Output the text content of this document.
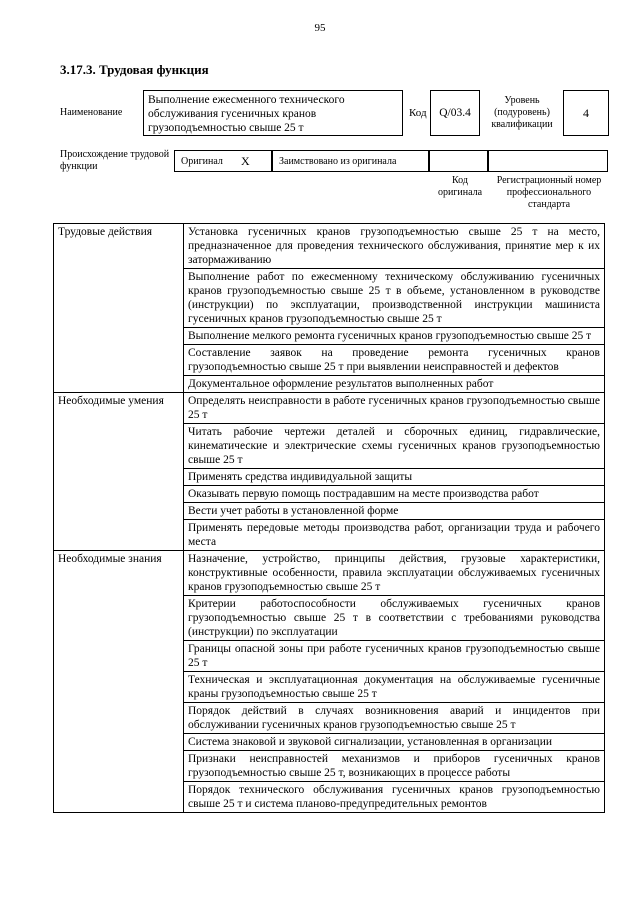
95
3.17.3. Трудовая функция
Наименование
Выполнение ежесменного технического обслуживания гусеничных кранов грузоподъемностью свыше 25 т
Код	Q/03.4
Уровень (подуровень) квалификации
4
Происхождение трудовой функции	Оригинал X	Заимствовано из оригинала
Код оригинала
Регистрационный номер профессионального стандарта
Трудовые действия	Установка гусеничных кранов грузоподъемностью свыше 25 т на место, предназначенное для проведения технического обслуживания, принятие мер к их затормаживанию
	Выполнение работ по ежесменному техническому обслуживанию гусеничных кранов грузоподъемностью свыше 25 т в объеме, установленном в руководстве (инструкции) по эксплуатации, производственной инструкции машиниста гусеничных кранов грузоподъемностью свыше 25 т
	Выполнение мелкого ремонта гусеничных кранов грузоподъемностью свыше 25 т
	Составление заявок на проведение ремонта гусеничных кранов грузоподъемностью свыше 25 т при выявлении неисправностей и дефектов
	Документальное оформление результатов выполненных работ
Необходимые умения	Определять неисправности в работе гусеничных кранов грузоподъемностью свыше 25 т
	Читать рабочие чертежи деталей и сборочных единиц, гидравлические, кинематические и электрические схемы гусеничных кранов грузоподъемностью свыше 25 т
	Применять средства индивидуальной защиты
	Оказывать первую помощь пострадавшим на месте производства работ
	Вести учет работы в установленной форме
	Применять передовые методы производства работ, организации труда и рабочего места
Необходимые знания	Назначение, устройство, принципы действия, грузовые характеристики, конструктивные особенности, правила эксплуатации обслуживаемых гусеничных кранов грузоподъемностью свыше 25 т
	Критерии работоспособности обслуживаемых гусеничных кранов грузоподъемностью свыше 25 т в соответствии с требованиями руководства (инструкции) по эксплуатации
	Границы опасной зоны при работе гусеничных кранов грузоподъемностью свыше 25 т
	Техническая и эксплуатационная документация на обслуживаемые гусеничные краны грузоподъемностью свыше 25 т
	Порядок действий в случаях возникновения аварий и инцидентов при обслуживании гусеничных кранов грузоподъемностью свыше 25 т
	Система знаковой и звуковой сигнализации, установленная в организации
	Признаки неисправностей механизмов и приборов гусеничных кранов грузоподъемностью свыше 25 т, возникающих в процессе работы
	Порядок технического обслуживания гусеничных кранов грузоподъемностью свыше 25 т и система планово-предупредительных ремонтов
